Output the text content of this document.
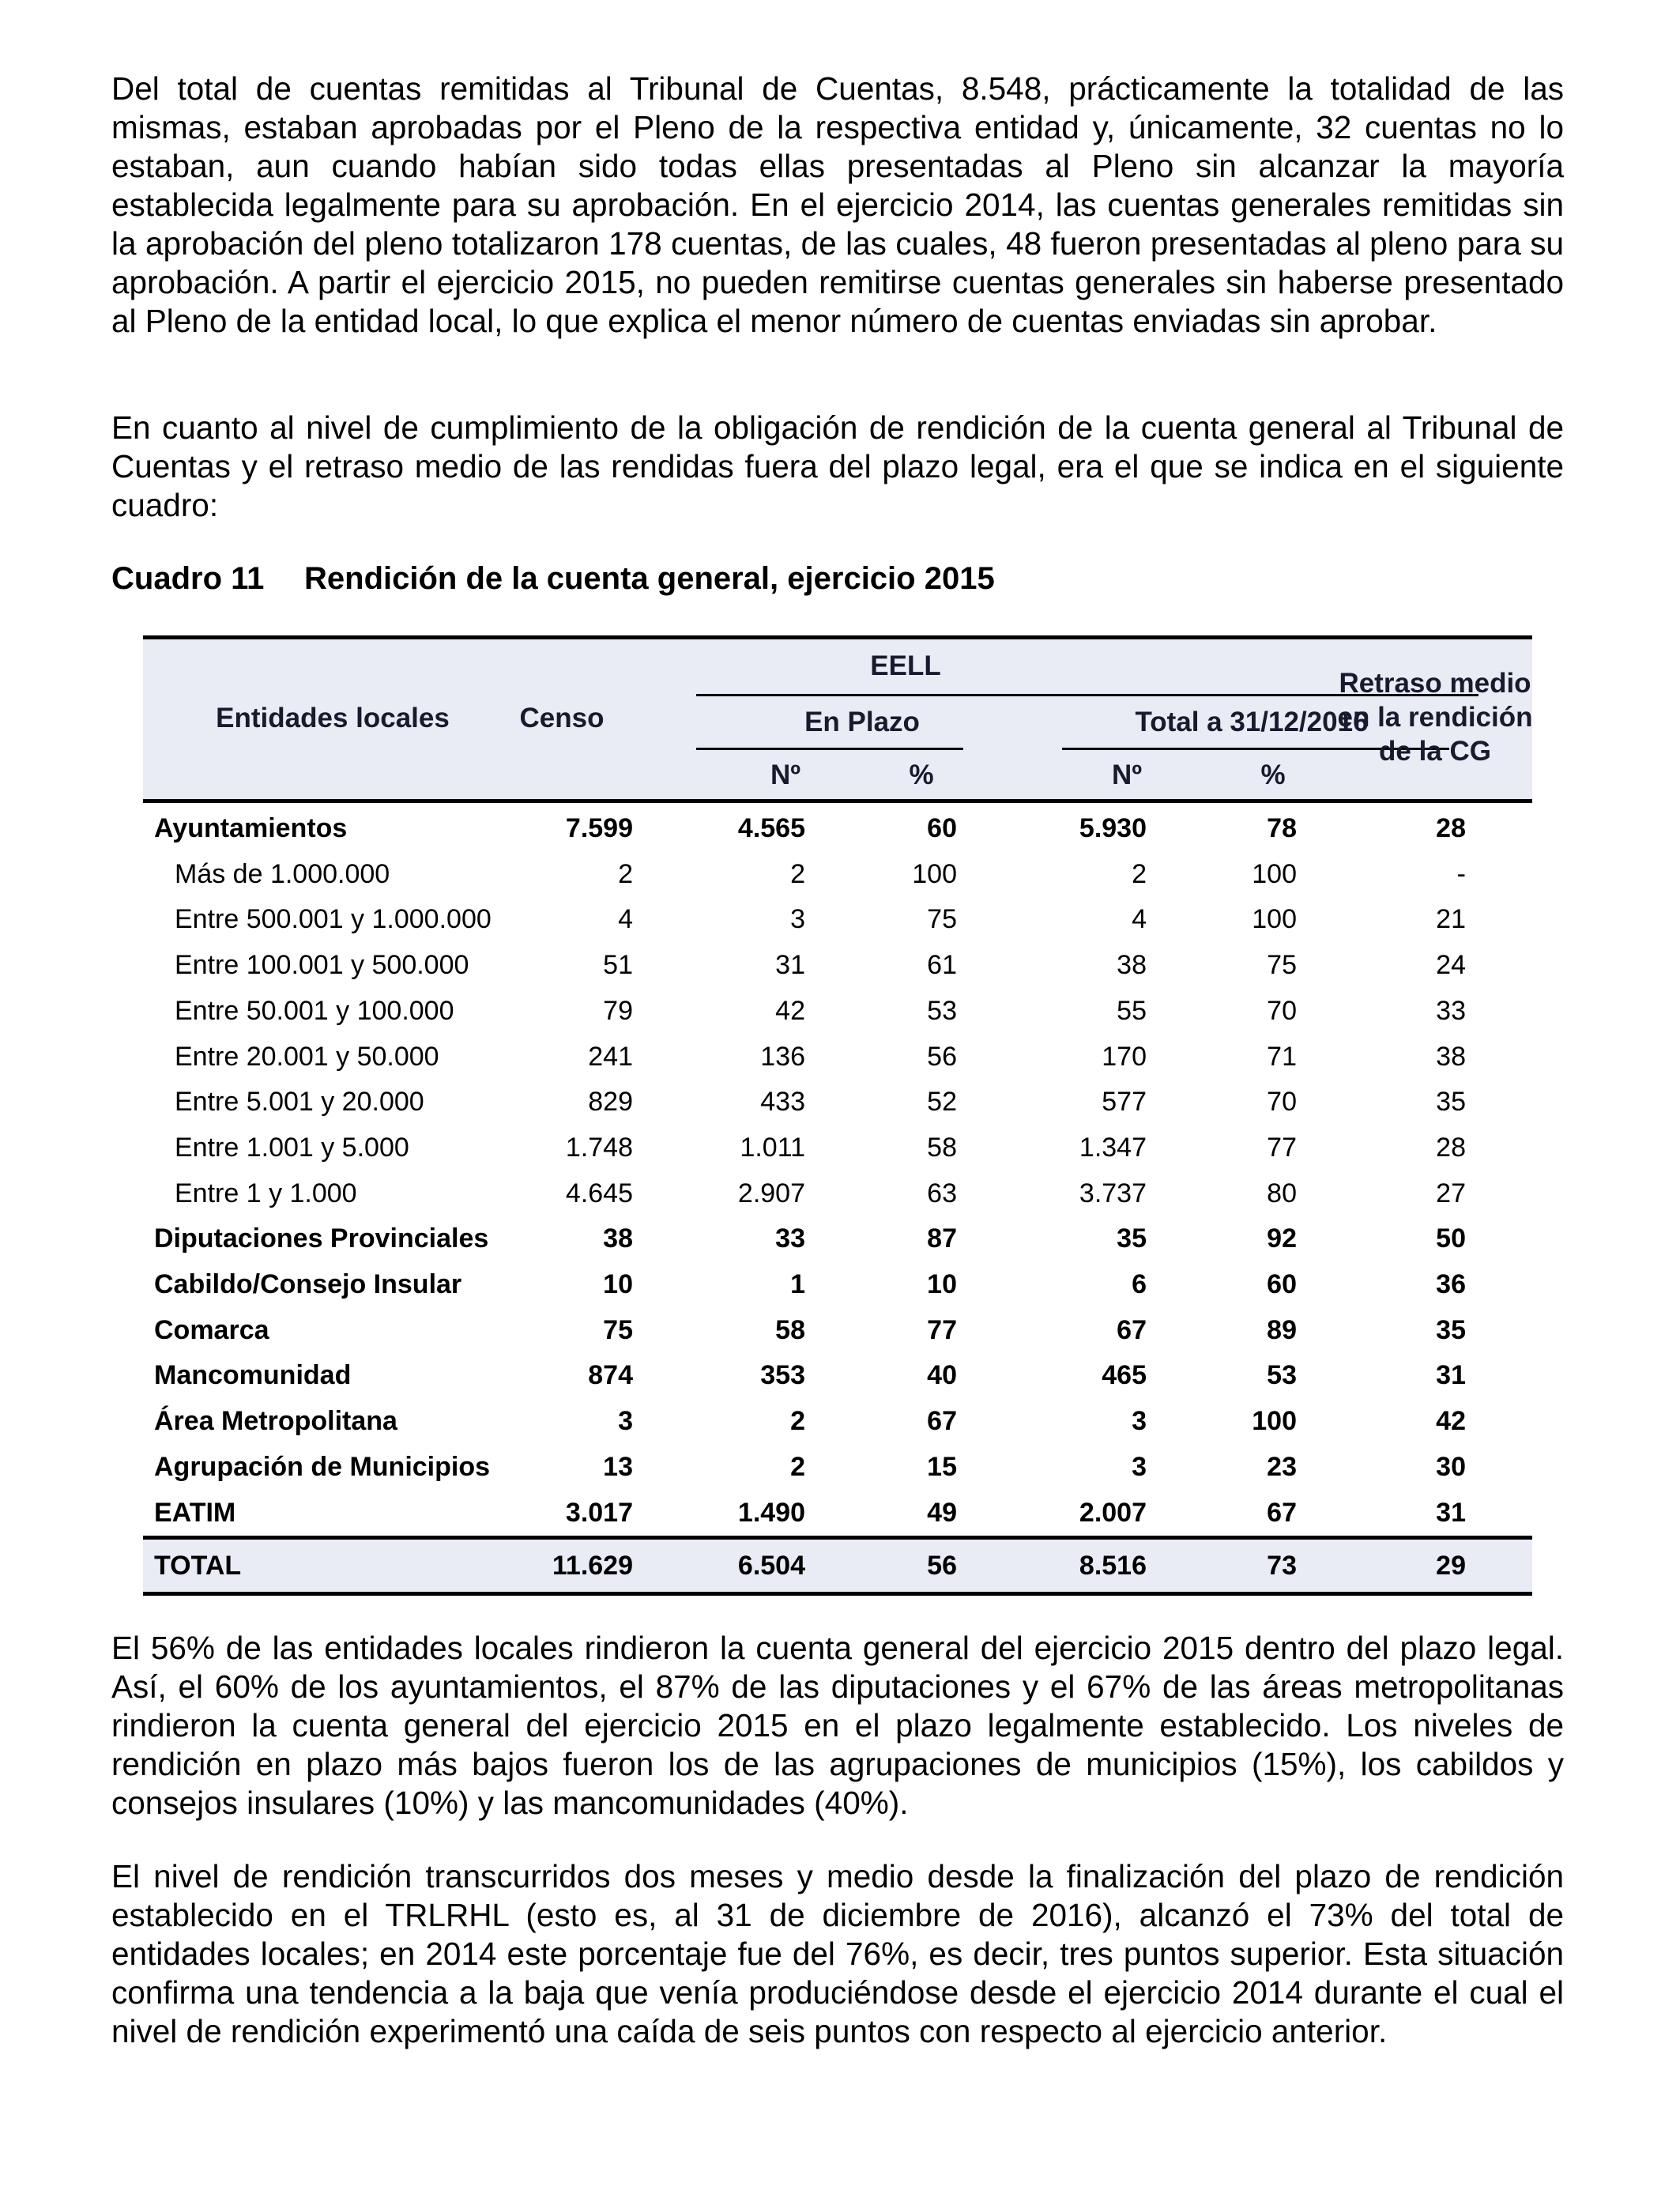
Del total de cuentas remitidas al Tribunal de Cuentas, 8.548, prácticamente la totalidad de las mismas, estaban aprobadas por el Pleno de la respectiva entidad y, únicamente, 32 cuentas no lo estaban, aun cuando habían sido todas ellas presentadas al Pleno sin alcanzar la mayoría establecida legalmente para su aprobación. En el ejercicio 2014, las cuentas generales remitidas sin la aprobación del pleno totalizaron 178 cuentas, de las cuales, 48 fueron presentadas al pleno para su aprobación. A partir el ejercicio 2015, no pueden remitirse cuentas generales sin haberse presentado al Pleno de la entidad local, lo que explica el menor número de cuentas enviadas sin aprobar.

En cuanto al nivel de cumplimiento de la obligación de rendición de la cuenta general al Tribunal de Cuentas y el retraso medio de las rendidas fuera del plazo legal, era el que se indica en el siguiente cuadro:

Cuadro 11 Rendición de la cuenta general, ejercicio 2015
Entidades locales	Censo
EELL
En Plazo	Total a 31/12/2016
Nº	%	Nº	%
Retraso medio
en la rendición
de la CG
Ayuntamientos	7.599	4.565	60	5.930	78	28
Más de 1.000.000	2	2	100	2	100	-
Entre 500.001 y 1.000.000	4	3	75	4	100	21
Entre 100.001 y 500.000	51	31	61	38	75	24
Entre 50.001 y 100.000	79	42	53	55	70	33
Entre 20.001 y 50.000	241	136	56	170	71	38
Entre 5.001 y 20.000	829	433	52	577	70	35
Entre 1.001 y 5.000	1.748	1.011	58	1.347	77	28
Entre 1 y 1.000	4.645	2.907	63	3.737	80	27
Diputaciones Provinciales	38	33	87	35	92	50
Cabildo/Consejo Insular	10	1	10	6	60	36
Comarca	75	58	77	67	89	35
Mancomunidad	874	353	40	465	53	31
Área Metropolitana	3	2	67	3	100	42
Agrupación de Municipios	13	2	15	3	23	30
EATIM	3.017	1.490	49	2.007	67	31
TOTAL	11.629	6.504	56	8.516	73	29

El 56% de las entidades locales rindieron la cuenta general del ejercicio 2015 dentro del plazo legal. Así, el 60% de los ayuntamientos, el 87% de las diputaciones y el 67% de las áreas metropolitanas rindieron la cuenta general del ejercicio 2015 en el plazo legalmente establecido. Los niveles de rendición en plazo más bajos fueron los de las agrupaciones de municipios (15%), los cabildos y consejos insulares (10%) y las mancomunidades (40%).

El nivel de rendición transcurridos dos meses y medio desde la finalización del plazo de rendición establecido en el TRLRHL (esto es, al 31 de diciembre de 2016), alcanzó el 73% del total de entidades locales; en 2014 este porcentaje fue del 76%, es decir, tres puntos superior. Esta situación confirma una tendencia a la baja que venía produciéndose desde el ejercicio 2014 durante el cual el nivel de rendición experimentó una caída de seis puntos con respecto al ejercicio anterior.
